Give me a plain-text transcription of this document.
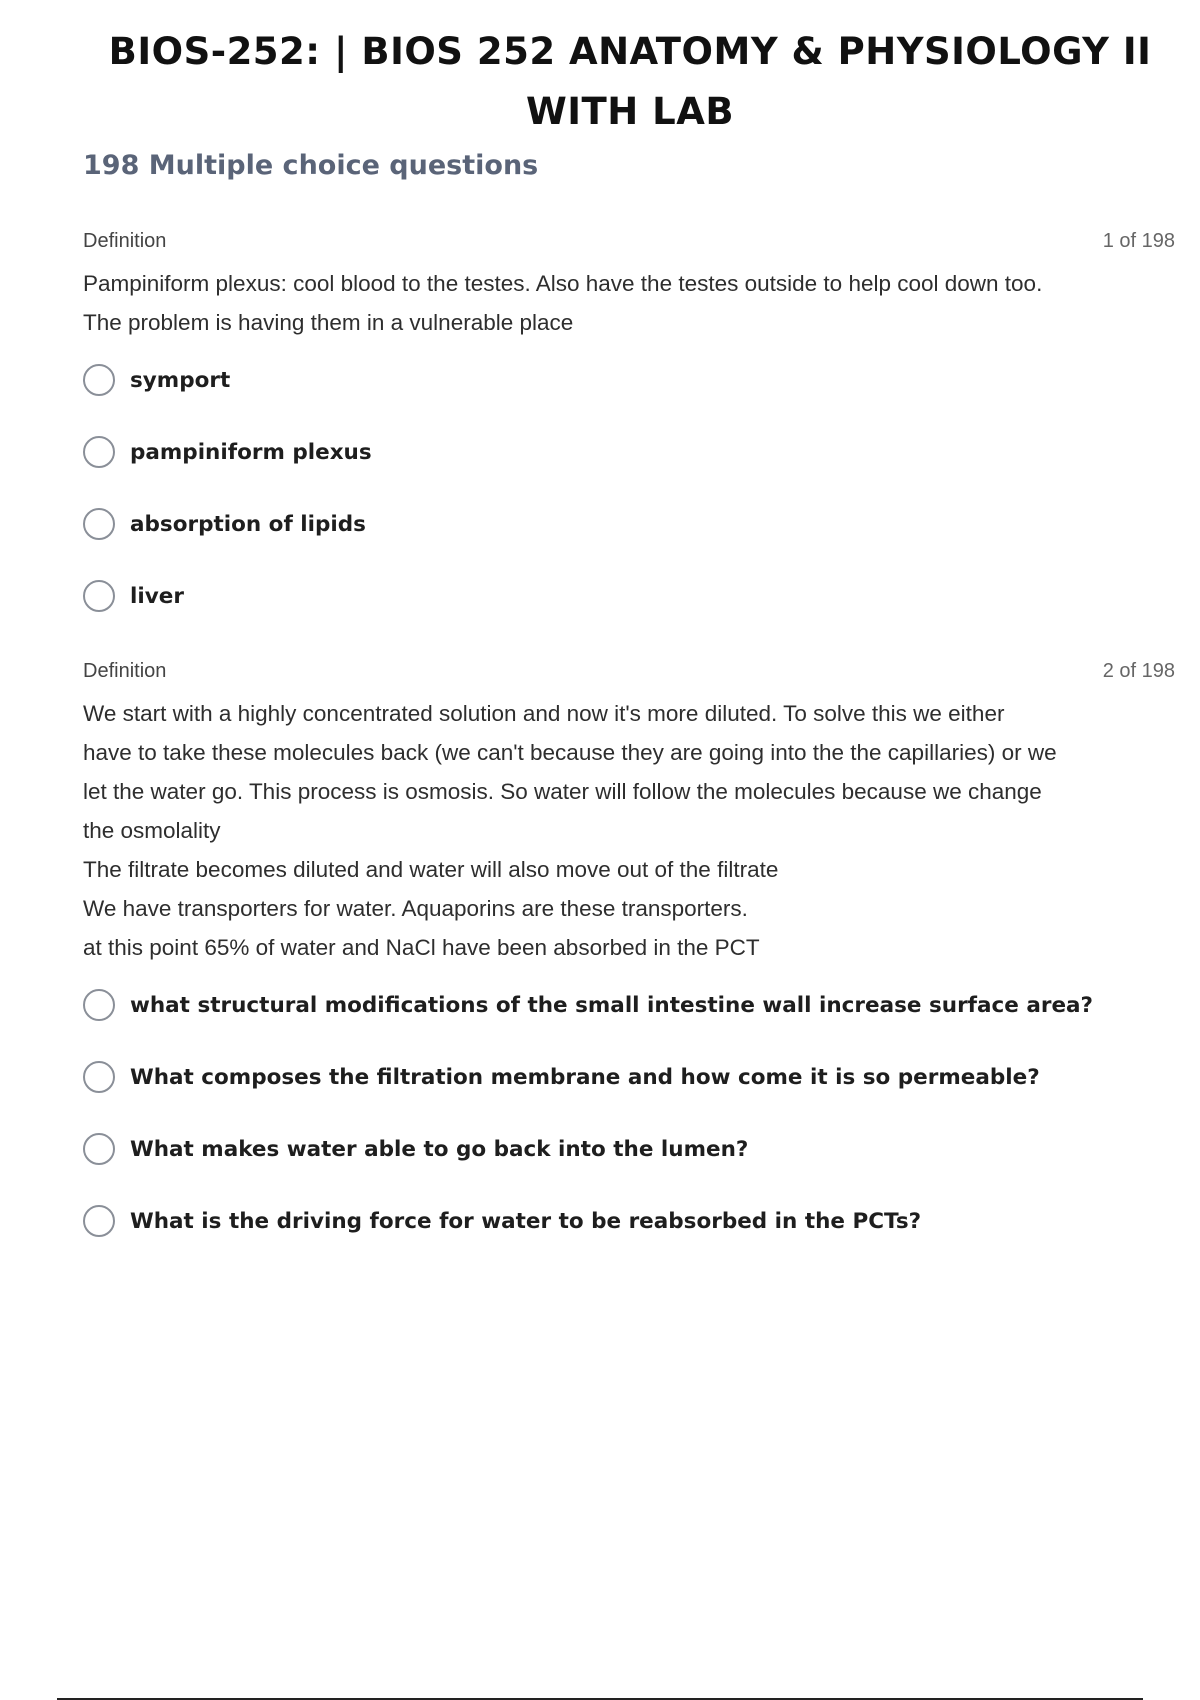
BIOS-252: | BIOS 252 ANATOMY & PHYSIOLOGY II WITH LAB
198 Multiple choice questions
Definition	1 of 198
Pampiniform plexus: cool blood to the testes. Also have the testes outside to help cool down too.
The problem is having them in a vulnerable place
symport
pampiniform plexus
absorption of lipids
liver
Definition	2 of 198
We start with a highly concentrated solution and now it's more diluted. To solve this we either
have to take these molecules back (we can't because they are going into the the capillaries) or we
let the water go. This process is osmosis. So water will follow the molecules because we change
the osmolality
The filtrate becomes diluted and water will also move out of the filtrate
We have transporters for water. Aquaporins are these transporters.
at this point 65% of water and NaCl have been absorbed in the PCT
what structural modifications of the small intestine wall increase surface area?
What composes the filtration membrane and how come it is so permeable?
What makes water able to go back into the lumen?
What is the driving force for water to be reabsorbed in the PCTs?
